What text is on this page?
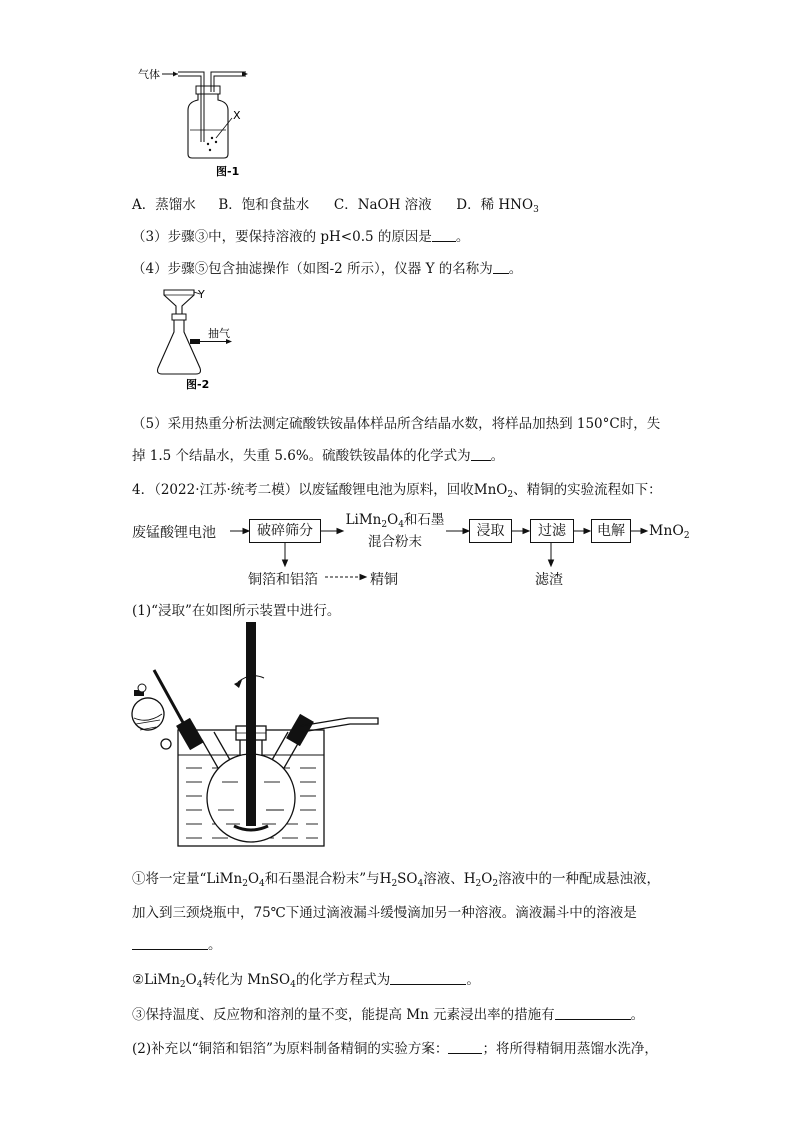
气体
X
图-1
A．蒸馏水 B．饱和食盐水 C．NaOH 溶液 D．稀 $HNO_3$
（3）步骤③中，要保持溶液的 pH<0.5 的原因是 。
（4）步骤⑤包含抽滤操作（如图-2 所示），仪器 Y 的名称为 。
Y
抽气
图-2
（5）采用热重分析法测定硫酸铁铵晶体样品所含结晶水数，将样品加热到 150°C时，失
掉 1.5 个结晶水，失重 5.6%。硫酸铁铵晶体的化学式为 。
4．（2022·江苏·统考二模）以废锰酸锂电池为原料，回收MnO$_2$、精铜的实验流程如下：
废锰酸锂电池	破碎筛分
$LiMn_2O_4$和石墨
混合粉末
浸取	过滤	电解	MnO$_2$
铜箔和铝箔	精铜	滤渣
(1)“浸取”在如图所示装置中进行。
①将一定量“$LiMn_2O_4$和石墨混合粉末”与$H_2SO_4$溶液、$H_2O_2$溶液中的一种配成悬浊液，
加入到三颈烧瓶中，75℃下通过滴液漏斗缓慢滴加另一种溶液。滴液漏斗中的溶液是
。
$②LiMn_2O_4$转化为 MnSO$_4$的化学方程式为	。
③保持温度、反应物和溶剂的量不变，能提高 Mn 元素浸出率的措施有	。
(2)补充以“铜箔和铝箔”为原料制备精铜的实验方案：	；将所得精铜用蒸馏水洗净，
